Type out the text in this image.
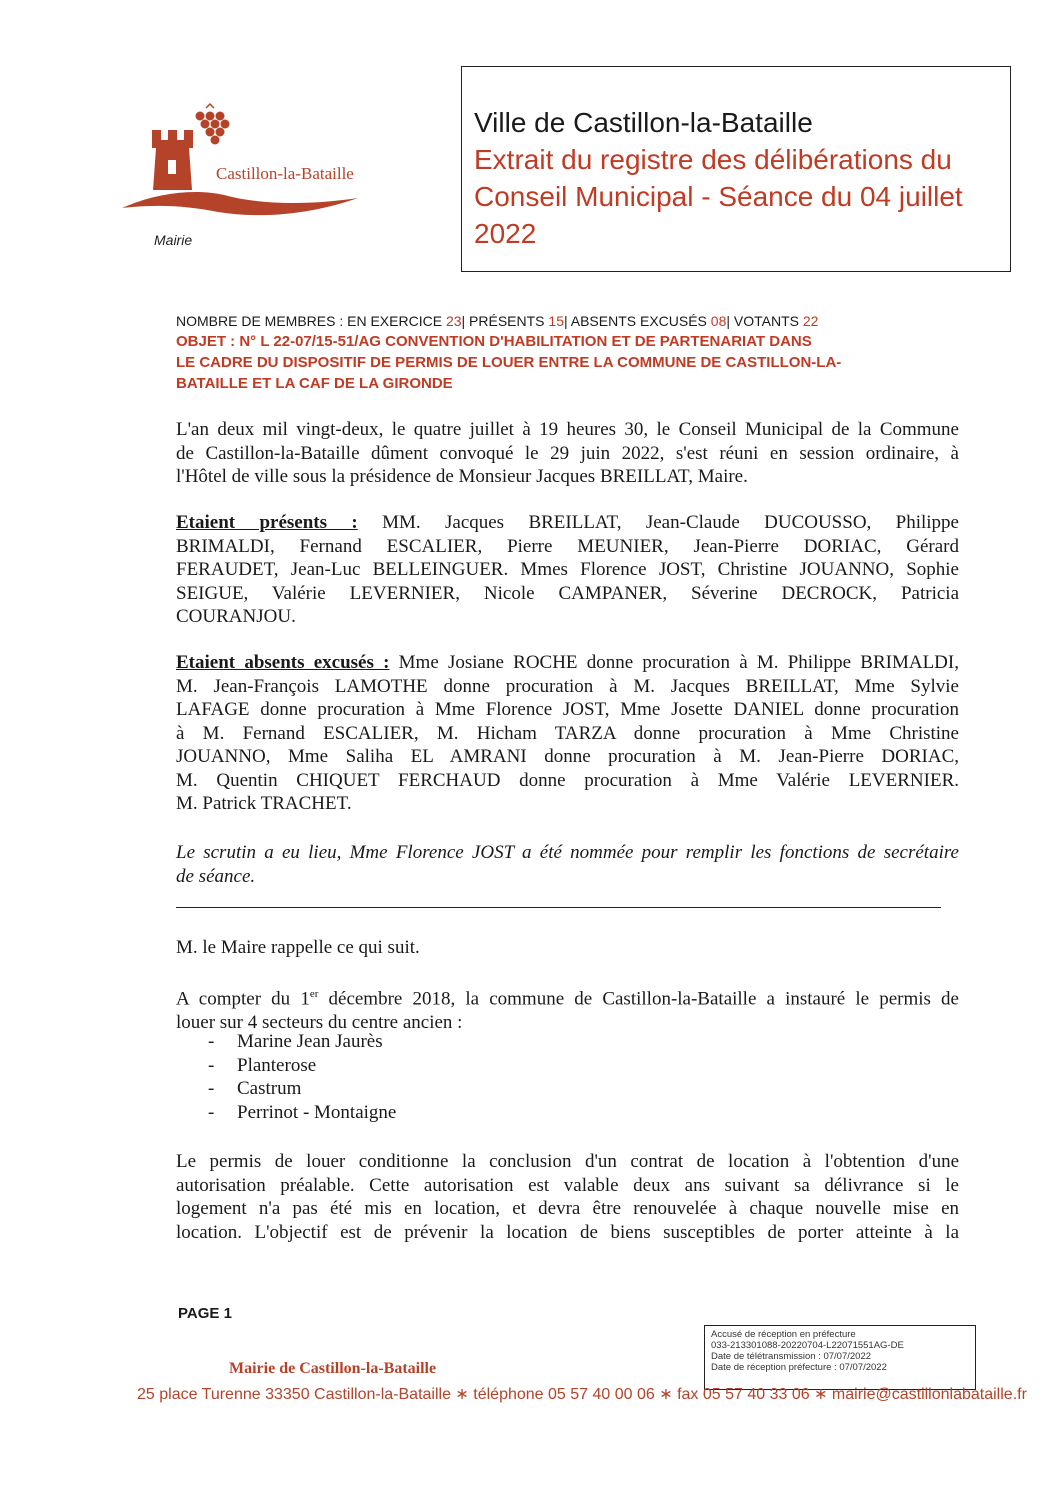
Castillon-la-Bataille
Mairie
Ville de Castillon-la-Bataille
Extrait du registre des délibérations du
Conseil Municipal - Séance du 04 juillet
2022
NOMBRE DE MEMBRES : EN EXERCICE 23| PRÉSENTS 15| ABSENTS EXCUSÉS 08| VOTANTS 22
OBJET : N° L 22-07/15-51/AG CONVENTION D'HABILITATION ET DE PARTENARIAT DANS
LE CADRE DU DISPOSITIF DE PERMIS DE LOUER ENTRE LA COMMUNE DE CASTILLON-LA-
BATAILLE ET LA CAF DE LA GIRONDE
L'an deux mil vingt-deux, le quatre juillet à 19 heures 30, le Conseil Municipal de la Commune
de Castillon-la-Bataille dûment convoqué le 29 juin 2022, s'est réuni en session ordinaire, à
l'Hôtel de ville sous la présidence de Monsieur Jacques BREILLAT, Maire.
Etaient présents : MM. Jacques BREILLAT, Jean-Claude DUCOUSSO, Philippe
BRIMALDI, Fernand ESCALIER, Pierre MEUNIER, Jean-Pierre DORIAC, Gérard
FERAUDET, Jean-Luc BELLEINGUER. Mmes Florence JOST, Christine JOUANNO, Sophie
SEIGUE, Valérie LEVERNIER, Nicole CAMPANER, Séverine DECROCK, Patricia
COURANJOU.
Etaient absents excusés : Mme Josiane ROCHE donne procuration à M. Philippe BRIMALDI,
M. Jean-François LAMOTHE donne procuration à M. Jacques BREILLAT, Mme Sylvie
LAFAGE donne procuration à Mme Florence JOST, Mme Josette DANIEL donne procuration
à M. Fernand ESCALIER, M. Hicham TARZA donne procuration à Mme Christine
JOUANNO, Mme Saliha EL AMRANI donne procuration à M. Jean-Pierre DORIAC,
M. Quentin CHIQUET FERCHAUD donne procuration à Mme Valérie LEVERNIER.
M. Patrick TRACHET.
Le scrutin a eu lieu, Mme Florence JOST a été nommée pour remplir les fonctions de secrétaire
de séance.
M. le Maire rappelle ce qui suit.
A compter du 1er décembre 2018, la commune de Castillon-la-Bataille a instauré le permis de
louer sur 4 secteurs du centre ancien :
- Marine Jean Jaurès
- Planterose
- Castrum
- Perrinot - Montaigne
Le permis de louer conditionne la conclusion d'un contrat de location à l'obtention d'une
autorisation préalable. Cette autorisation est valable deux ans suivant sa délivrance si le
logement n'a pas été mis en location, et devra être renouvelée à chaque nouvelle mise en
location. L'objectif est de prévenir la location de biens susceptibles de porter atteinte à la
PAGE 1
Accusé de réception en préfecture
033-213301088-20220704-L22071551AG-DE
Date de télétransmission : 07/07/2022
Date de réception préfecture : 07/07/2022
Mairie de Castillon-la-Bataille
25 place Turenne 33350 Castillon-la-Bataille ∗ téléphone 05 57 40 00 06 ∗ fax 05 57 40 33 06 ∗ mairie@castillonlabataille.fr
